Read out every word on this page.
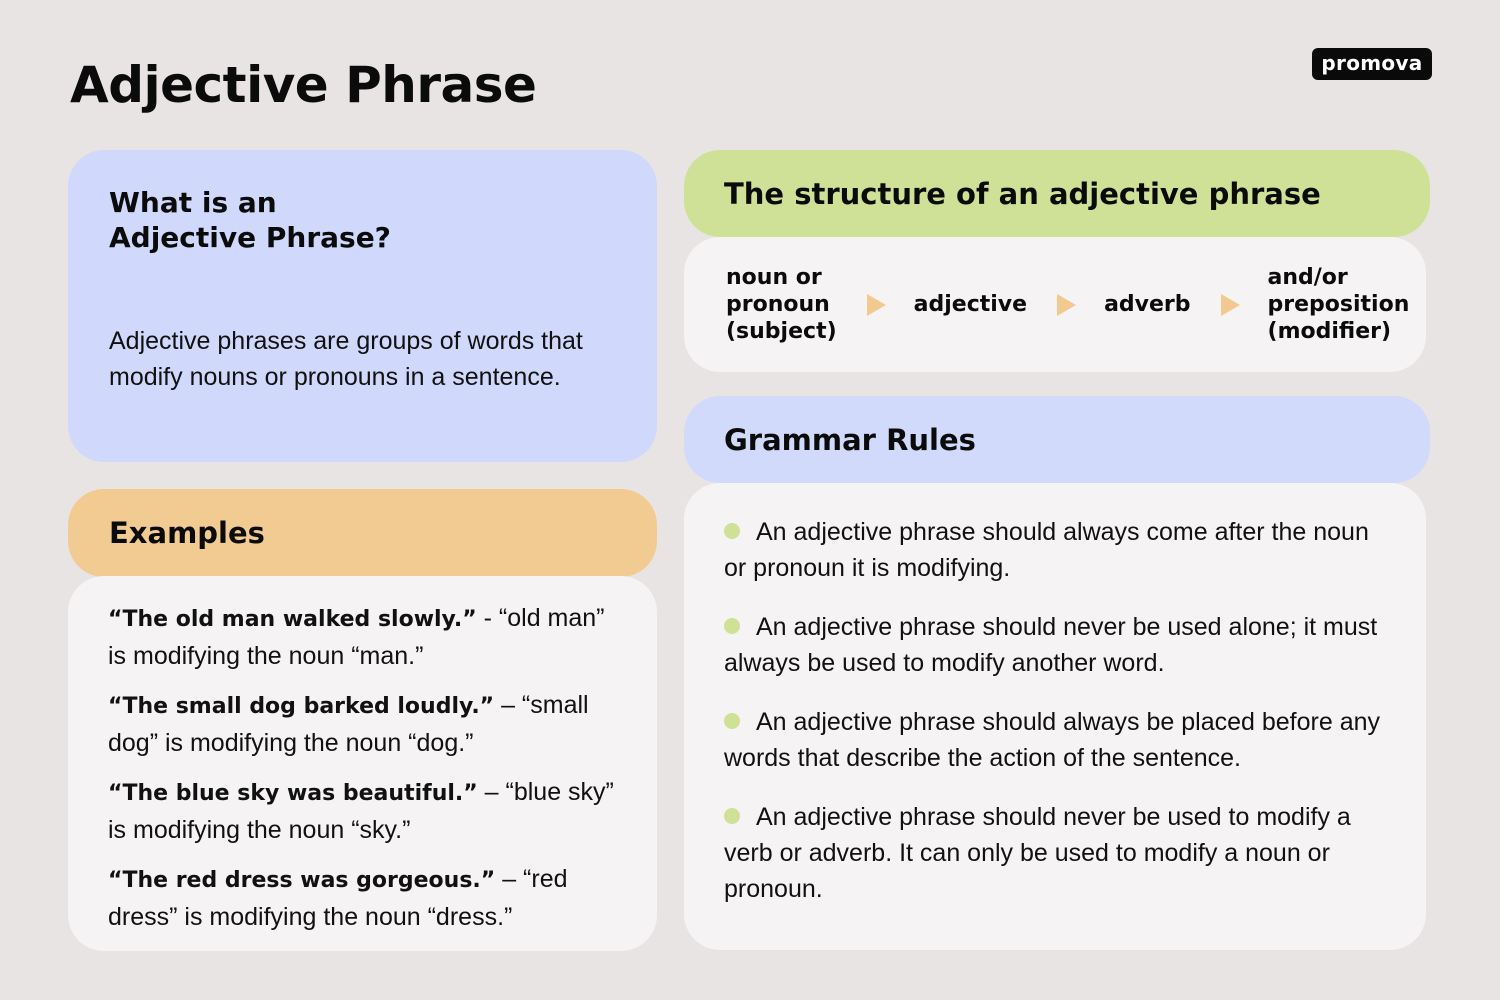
Adjective Phrase	promova
What is an
Adjective Phrase?

Adjective phrases are groups of words that modify nouns or pronouns in a sentence.

Examples

“The old man walked slowly.” - “old man” is modifying the noun “man.”

“The small dog barked loudly.” – “small dog” is modifying the noun “dog.”

“The blue sky was beautiful.” – “blue sky” is modifying the noun “sky.”

“The red dress was gorgeous.” – “red dress” is modifying the noun “dress.”

The structure of an adjective phrase
noun or
pronoun
(subject)
adjective	adverb
and/or
preposition
(modifier)
Grammar Rules
An adjective phrase should always come after the noun or pronoun it is modifying.
An adjective phrase should never be used alone; it must always be used to modify another word.
An adjective phrase should always be placed before any words that describe the action of the sentence.
An adjective phrase should never be used to modify a verb or adverb. It can only be used to modify a noun or pronoun.
